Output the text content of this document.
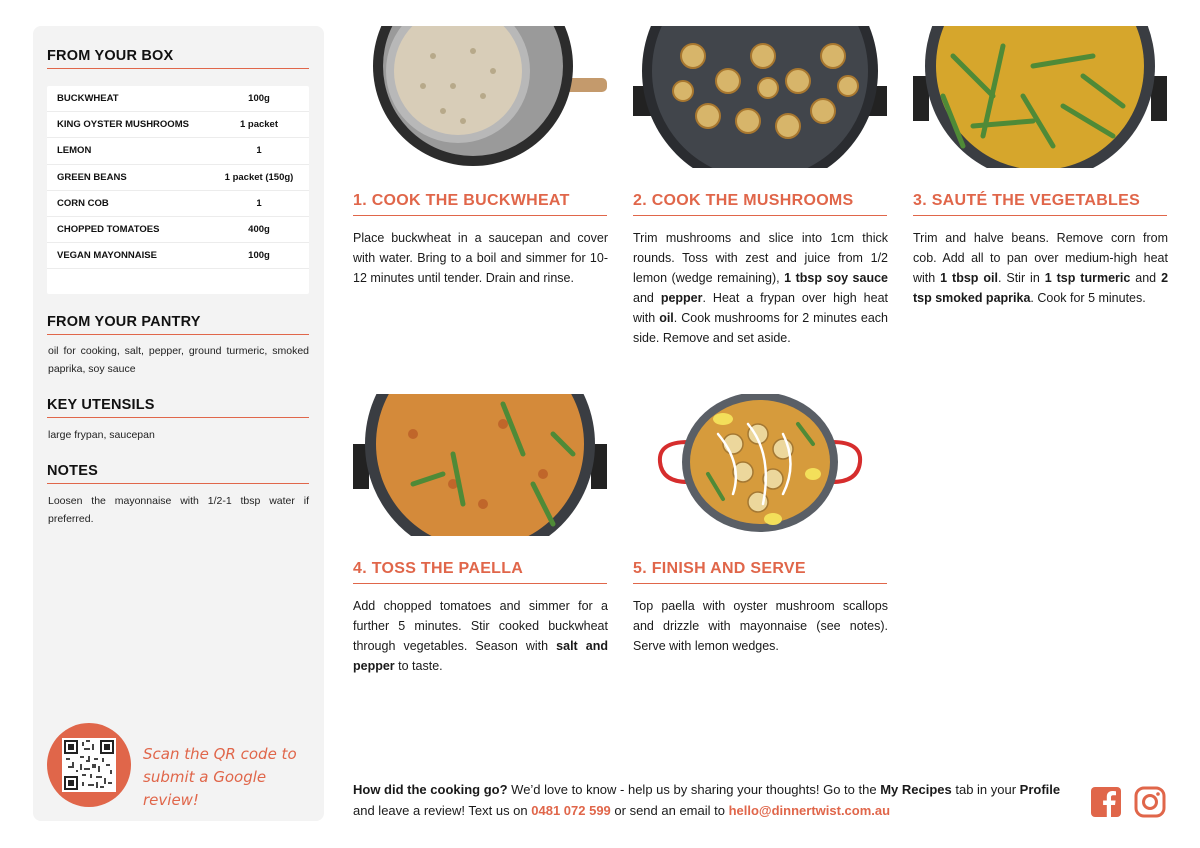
FROM YOUR BOX
BUCKWHEAT	100g
KING OYSTER MUSHROOMS	1 packet
LEMON	1
GREEN BEANS	1 packet (150g)
CORN COB	1
CHOPPED TOMATOES	400g
VEGAN MAYONNAISE	100g
FROM YOUR PANTRY
oil for cooking, salt, pepper, ground turmeric, smoked paprika, soy sauce
KEY UTENSILS
large frypan, saucepan
NOTES
Loosen the mayonnaise with 1/2-1 tbsp water if preferred.
Scan the QR code to submit a Google review!
1. COOK THE BUCKWHEAT	2. COOK THE MUSHROOMS	3. SAUTÉ THE VEGETABLES
4. TOSS THE PAELLA	5. FINISH AND SERVE
Place buckwheat in a saucepan and cover with water. Bring to a boil and simmer for 10-12 minutes until tender. Drain and rinse.
Trim mushrooms and slice into 1cm thick rounds. Toss with zest and juice from 1/2 lemon (wedge remaining), 1 tbsp soy sauce and pepper. Heat a frypan over high heat with oil. Cook mushrooms for 2 minutes each side. Remove and set aside.
Trim and halve beans. Remove corn from cob. Add all to pan over medium-high heat with 1 tbsp oil. Stir in 1 tsp turmeric and 2 tsp smoked paprika. Cook for 5 minutes.
Add chopped tomatoes and simmer for a further 5 minutes. Stir cooked buckwheat through vegetables. Season with salt and pepper to taste.
Top paella with oyster mushroom scallops and drizzle with mayonnaise (see notes). Serve with lemon wedges.
How did the cooking go? We’d love to know - help us by sharing your thoughts! Go to the My Recipes tab in your Profile and leave a review! Text us on 0481 072 599 or send an email to hello@dinnertwist.com.au
